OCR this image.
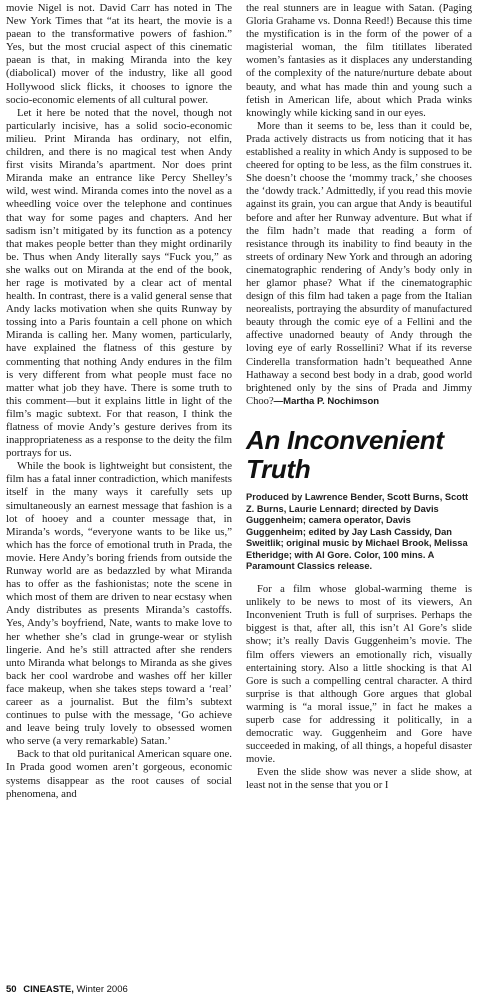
movie Nigel is not. David Carr has noted in The New York Times that “at its heart, the movie is a paean to the transformative powers of fashion.” Yes, but the most crucial aspect of this cinematic paean is that, in making Miranda into the key (diabolical) mover of the industry, like all good Hollywood slick flicks, it chooses to ignore the socio-economic elements of all cultural power.

Let it here be noted that the novel, though not particularly incisive, has a solid socio-economic milieu. Print Miranda has ordinary, not elfin, children, and there is no magical test when Andy first visits Miranda’s apartment. Nor does print Miranda make an entrance like Percy Shelley’s wild, west wind. Miranda comes into the novel as a wheedling voice over the telephone and continues that way for some pages and chapters. And her sadism isn’t mitigated by its function as a potency that makes people better than they might ordinarily be. Thus when Andy literally says “Fuck you,” as she walks out on Miranda at the end of the book, her rage is motivated by a clear act of mental health. In contrast, there is a valid general sense that Andy lacks motivation when she quits Runway by tossing into a Paris fountain a cell phone on which Miranda is calling her. Many women, particularly, have explained the flatness of this gesture by commenting that nothing Andy endures in the film is very different from what people must face no matter what job they have. There is some truth to this comment—but it explains little in light of the film’s magic subtext. For that reason, I think the flatness of movie Andy’s gesture derives from its inappropriateness as a response to the deity the film portrays for us.

While the book is lightweight but consistent, the film has a fatal inner contradiction, which manifests itself in the many ways it carefully sets up simultaneously an earnest message that fashion is a lot of hooey and a counter message that, in Miranda’s words, “everyone wants to be like us,” which has the force of emotional truth in Prada, the movie. Here Andy’s boring friends from outside the Runway world are as bedazzled by what Miranda has to offer as the fashionistas; note the scene in which most of them are driven to near ecstasy when Andy distributes as presents Miranda’s castoffs. Yes, Andy’s boyfriend, Nate, wants to make love to her whether she’s clad in grunge-wear or stylish lingerie. And he’s still attracted after she renders unto Miranda what belongs to Miranda as she gives back her cool wardrobe and washes off her killer face makeup, when she takes steps toward a ‘real’ career as a journalist. But the film’s subtext continues to pulse with the message, ‘Go achieve and leave being truly lovely to obsessed women who serve (a very remarkable) Satan.’

Back to that old puritanical American square one. In Prada good women aren’t gorgeous, economic systems disappear as the root causes of social phenomena, and

the real stunners are in league with Satan. (Paging Gloria Grahame vs. Donna Reed!) Because this time the mystification is in the form of the power of a magisterial woman, the film titillates liberated women’s fantasies as it displaces any understanding of the complexity of the nature/nurture debate about beauty, and what has made thin and young such a fetish in American life, about which Prada winks knowingly while kicking sand in our eyes.

More than it seems to be, less than it could be, Prada actively distracts us from noticing that it has established a reality in which Andy is supposed to be cheered for opting to be less, as the film construes it. She doesn’t choose the ‘mommy track,’ she chooses the ‘dowdy track.’ Admittedly, if you read this movie against its grain, you can argue that Andy is beautiful before and after her Runway adventure. But what if the film hadn’t made that reading a form of resistance through its inability to find beauty in the streets of ordinary New York and through an adoring cinematographic rendering of Andy’s body only in her glamor phase? What if the cinematographic design of this film had taken a page from the Italian neorealists, portraying the absurdity of manufactured beauty through the comic eye of a Fellini and the affective unadorned beauty of Andy through the loving eye of early Rossellini? What if its reverse Cinderella transformation hadn’t bequeathed Anne Hathaway a second best body in a drab, good world brightened only by the sins of Prada and Jimmy Choo?—Martha P. Nochimson

An Inconvenient Truth

Produced by Lawrence Bender, Scott Burns, Scott Z. Burns, Laurie Lennard; directed by Davis Guggenheim; camera operator, Davis Guggenheim; edited by Jay Lash Cassidy, Dan Sweitlik; original music by Michael Brook, Melissa Etheridge; with Al Gore. Color, 100 mins. A Paramount Classics release.

For a film whose global-warming theme is unlikely to be news to most of its viewers, An Inconvenient Truth is full of surprises. Perhaps the biggest is that, after all, this isn’t Al Gore’s slide show; it’s really Davis Guggenheim’s movie. The film offers viewers an emotionally rich, visually entertaining story. Also a little shocking is that Al Gore is such a compelling central character. A third surprise is that although Gore argues that global warming is “a moral issue,” in fact he makes a superb case for addressing it politically, in a democratic way. Guggenheim and Gore have succeeded in making, of all things, a hopeful disaster movie.

Even the slide show was never a slide show, at least not in the sense that you or I

50 CINEASTE, Winter 2006
